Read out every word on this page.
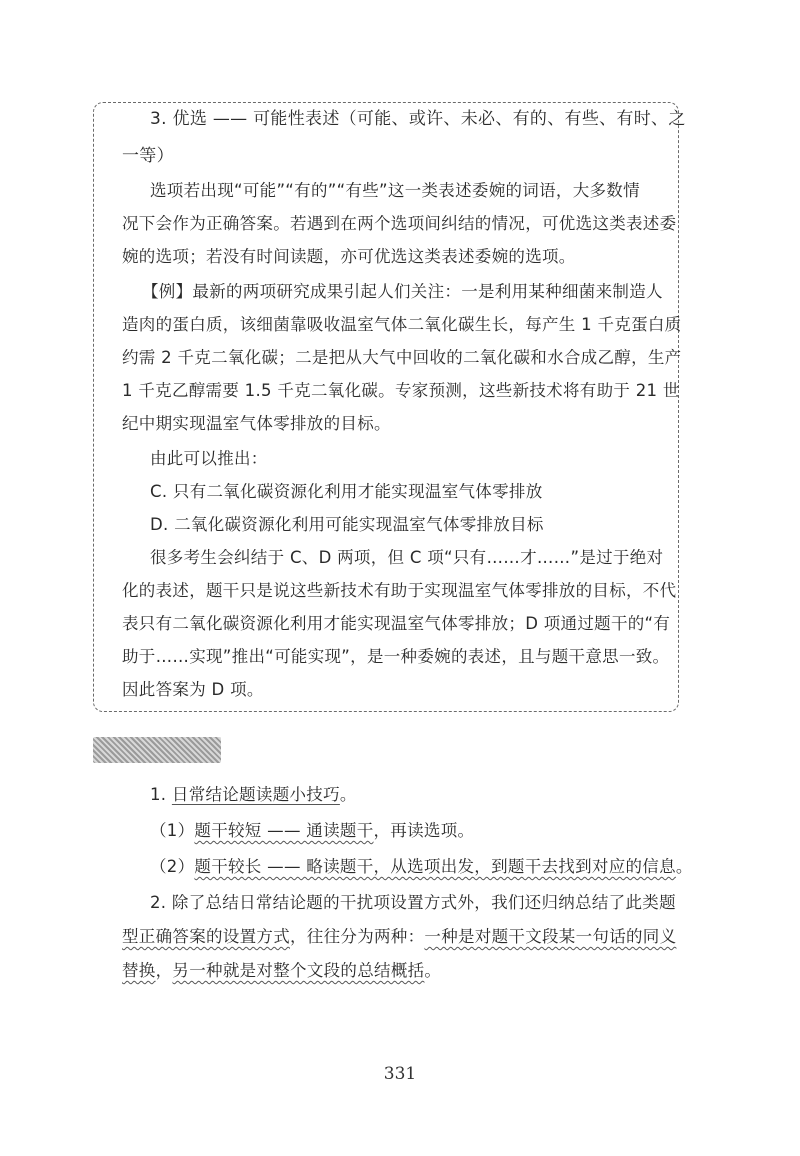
3. 优选 —— 可能性表述（可能、或许、未必、有的、有些、有时、之
一等）
选项若出现“可能”“有的”“有些”这一类表述委婉的词语，大多数情
况下会作为正确答案。若遇到在两个选项间纠结的情况，可优选这类表述委
婉的选项；若没有时间读题，亦可优选这类表述委婉的选项。
【例】最新的两项研究成果引起人们关注：一是利用某种细菌来制造人
造肉的蛋白质，该细菌靠吸收温室气体二氧化碳生长，每产生 1 千克蛋白质
约需 2 千克二氧化碳；二是把从大气中回收的二氧化碳和水合成乙醇，生产
1 千克乙醇需要 1.5 千克二氧化碳。专家预测，这些新技术将有助于 21 世
纪中期实现温室气体零排放的目标。
由此可以推出：
C. 只有二氧化碳资源化利用才能实现温室气体零排放
D. 二氧化碳资源化利用可能实现温室气体零排放目标
很多考生会纠结于 C、D 两项，但 C 项“只有……才……”是过于绝对
化的表述，题干只是说这些新技术有助于实现温室气体零排放的目标，不代
表只有二氧化碳资源化利用才能实现温室气体零排放；D 项通过题干的“有
助于……实现”推出“可能实现”，是一种委婉的表述，且与题干意思一致。
因此答案为 D 项。
1. 日常结论题读题小技巧。
（1）题干较短 —— 通读题干，再读选项。
（2）题干较长 —— 略读题干，从选项出发，到题干去找到对应的信息。
2. 除了总结日常结论题的干扰项设置方式外，我们还归纳总结了此类题
型正确答案的设置方式，往往分为两种：一种是对题干文段某一句话的同义
替换，另一种就是对整个文段的总结概括。
331
